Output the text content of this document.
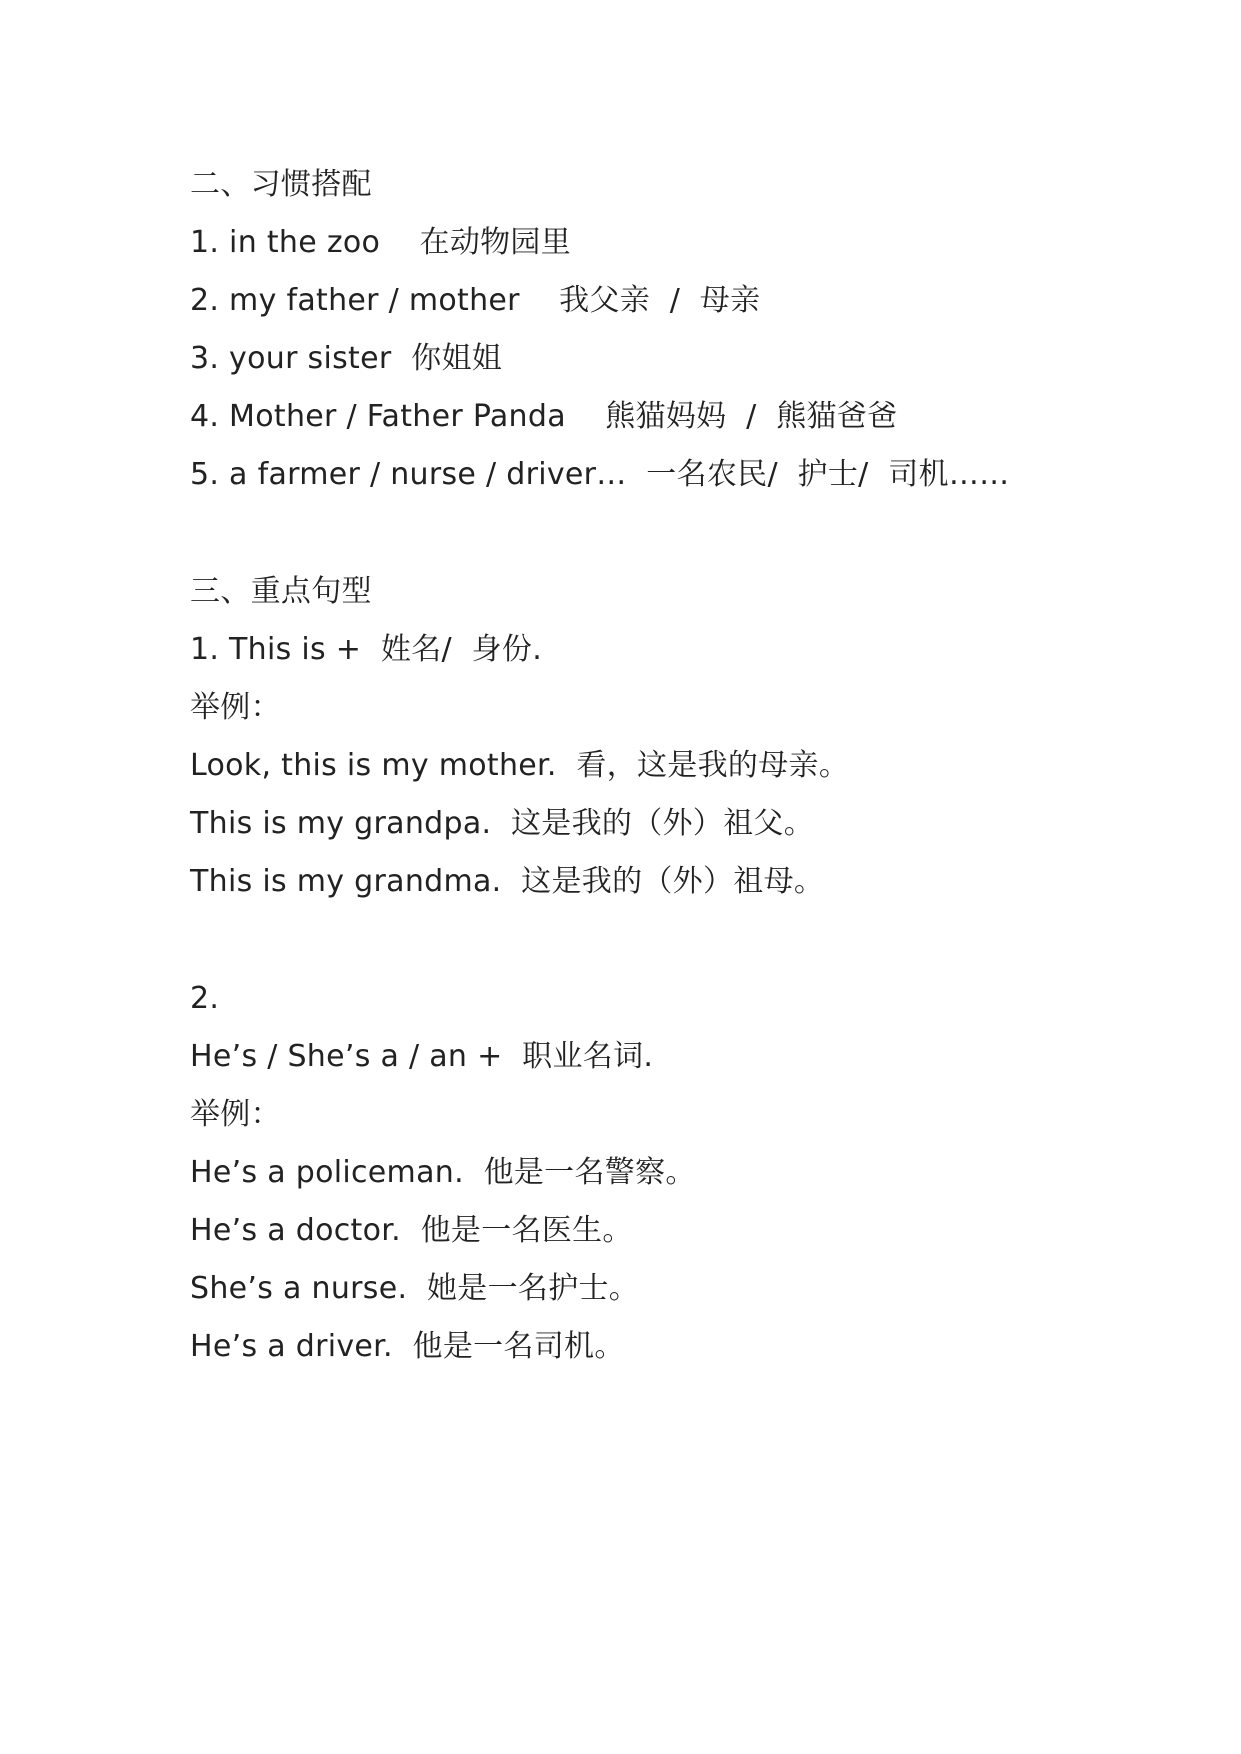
二、习惯搭配
1. in the zoo    在动物园里
2. my father / mother    我父亲  /  母亲
3. your sister  你姐姐
4. Mother / Father Panda    熊猫妈妈  /  熊猫爸爸
5. a farmer / nurse / driver…  一名农民/  护士/  司机……
三、重点句型
1. This is +  姓名/  身份.
举例：
Look, this is my mother.  看，这是我的母亲。
This is my grandpa.  这是我的（外）祖父。
This is my grandma.  这是我的（外）祖母。
2.
He’s / She’s a / an +  职业名词.
举例：
He’s a policeman.  他是一名警察。
He’s a doctor.  他是一名医生。
She’s a nurse.  她是一名护士。
He’s a driver.  他是一名司机。
